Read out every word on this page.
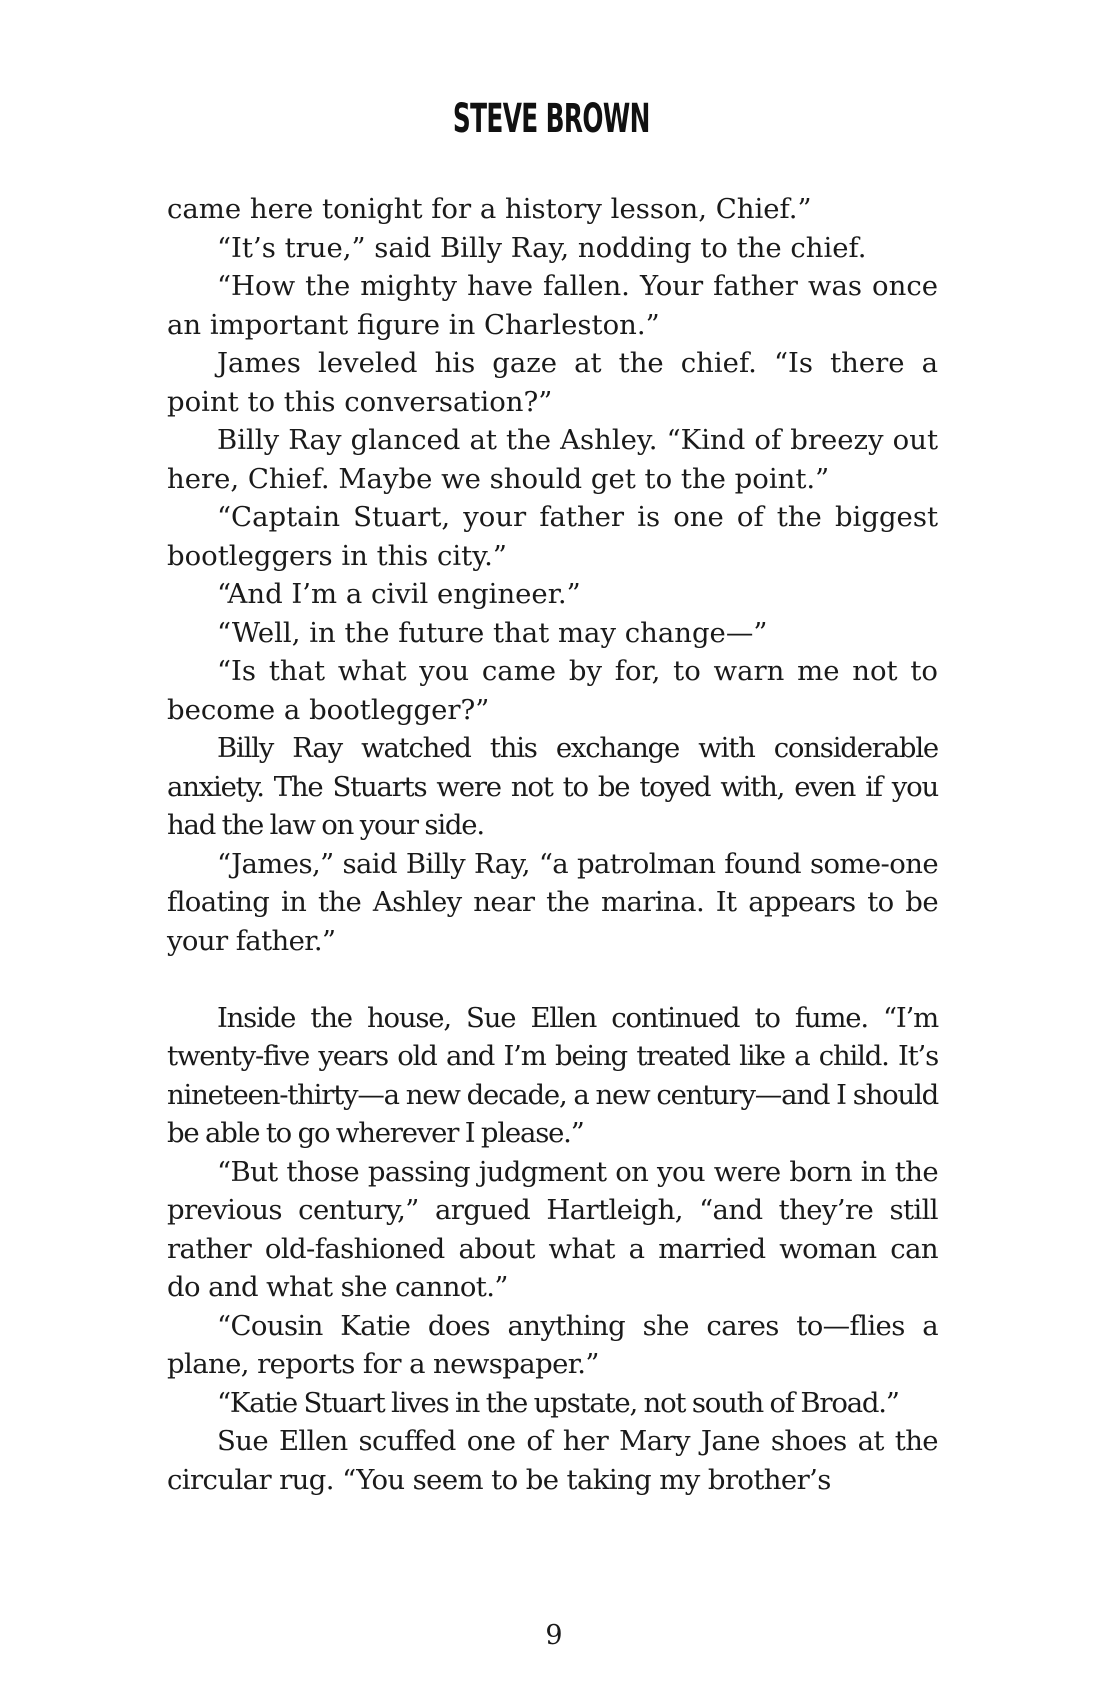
STEVE BROWN

came here tonight for a history lesson, Chief.”

“It’s true,” said Billy Ray, nodding to the chief.

“How the mighty have fallen. Your father was once an important figure in Charleston.”

James leveled his gaze at the chief. “Is there a point to this conversation?”

Billy Ray glanced at the Ashley. “Kind of breezy out here, Chief. Maybe we should get to the point.”

“Captain Stuart, your father is one of the biggest bootleggers in this city.”

“And I’m a civil engineer.”

“Well, in the future that may change—”

“Is that what you came by for, to warn me not to become a bootlegger?”

Billy Ray watched this exchange with considerable anxiety. The Stuarts were not to be toyed with, even if you had the law on your side.

“James,” said Billy Ray, “a patrolman found some-one floating in the Ashley near the marina. It appears to be your father.”

Inside the house, Sue Ellen continued to fume. “I’m twenty-five years old and I’m being treated like a child. It’s nineteen-thirty—a new decade, a new century—and I should be able to go wherever I please.”

“But those passing judgment on you were born in the previous century,” argued Hartleigh, “and they’re still rather old-fashioned about what a married woman can do and what she cannot.”

“Cousin Katie does anything she cares to—flies a plane, reports for a newspaper.”

“Katie Stuart lives in the upstate, not south of Broad.”

Sue Ellen scuffed one of her Mary Jane shoes at the circular rug. “You seem to be taking my brother’s

9
